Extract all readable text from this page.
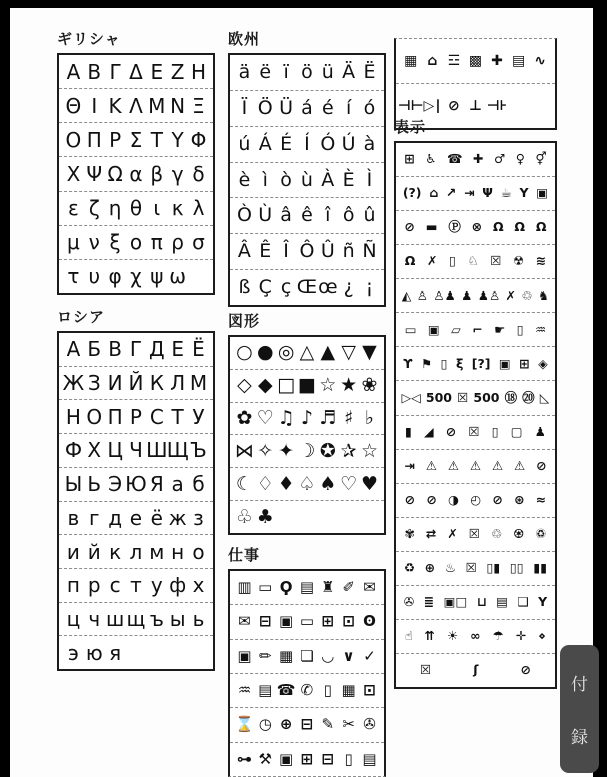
ギリシャ
Α Β Γ Δ Ε Ζ Η
Θ Ι Κ Λ Μ Ν Ξ
Ο Π Ρ Σ Τ Υ Φ
Χ Ψ Ω α β γ δ
ε ζ η θ ι κ λ
μ ν ξ ο π ρ σ
τ υ φ χ ψ ω
欧州
ä ë ï ö ü Ä Ë
Ï Ö Ü á é í ó
ú Á É Í Ó Ú à
è ì ò ù À È Ì
Ò Ù â ê î ô û
Â Ê Î Ô Û ñ Ñ
ß Ç ç Œ œ ¿ ¡
▦ ⌂ ☲ ▩ ✚ ▤ ∿
⊣⊢ ▷∣ ⊘ ⊥ ⊣⊦
表示
⊞ ♿ ☎ ✚ ♂ ♀ ⚥
(?) ⌂ ↗ ⇥ Ψ ☕ Y ▣
⊘ ▬ Ⓟ ⊗ Ω Ω Ω
Ω ✗ ▯ ♘ ☒ ☢ ≋
◭ ♙ ♙♟ ♟ ♟♙ ✗ ♲ ♞
▭ ▣ ▱ ⌐ ☛ ▯ ♒
ϒ ⚑ ▯ ξ [?] ▣ ⊞ ◈
▷◁ 500 ☒ 500 ⑱ ⑳ ◺
▮ ◢ ⊘ ☒ ▯ ▢ ♟
⇥ ⚠ ⚠ ⚠ ⚠ ⚠ ⊘
⊘ ⊘ ◑ ◴ ⊘ ⊛ ≈
✾ ⇄ ✗ ☒ ♲ ♼ ♽
♻ ⊕ ♨ ☒ ▯▮ ▯▯ ▮▮
✇ ≣ ▣□ ⊔ ▤ ❑ Y
☝ ⇈ ☀ ∞ ☂ ✛ ⋄
☒	ʃ	⊘
ロシア
А Б В Г Д Е Ё
Ж З И Й К Л М
Н О П Р С Т У
Ф Х Ц Ч Ш Щ Ъ
Ы Ь Э Ю Я а б
в г д е ё ж з
и й к л м н о
п р с т у ф х
ц ч ш щ ъ ы ь
э ю я
図形
○ ● ◎ △ ▲ ▽ ▼
◇ ◆ □ ■ ☆ ★ ❀
✿ ♡ ♫ ♪ ♬ ♯ ♭
⋈ ✧ ✦ ☽ ✪ ✰ ☆
☾ ♢ ♦ ♤ ♠ ♡ ♥
♧ ♣
仕事
▥ ▭ Ϙ ▤ ♜ ✐ ✉
✉ ⊟ ▣ ▭ ⊞ ⊡ ʘ
▣ ✏ ▦ ❏ ◟◞ ∨ ✓
♒ ▤ ☎ ✆ ▯ ▦ ⊡
⌛ ◷ ⊕ ⊟ ✎ ✂ ✇
⊶ ⚒ ▣ ⊞ ⊟ ▯ ▤
付
録
